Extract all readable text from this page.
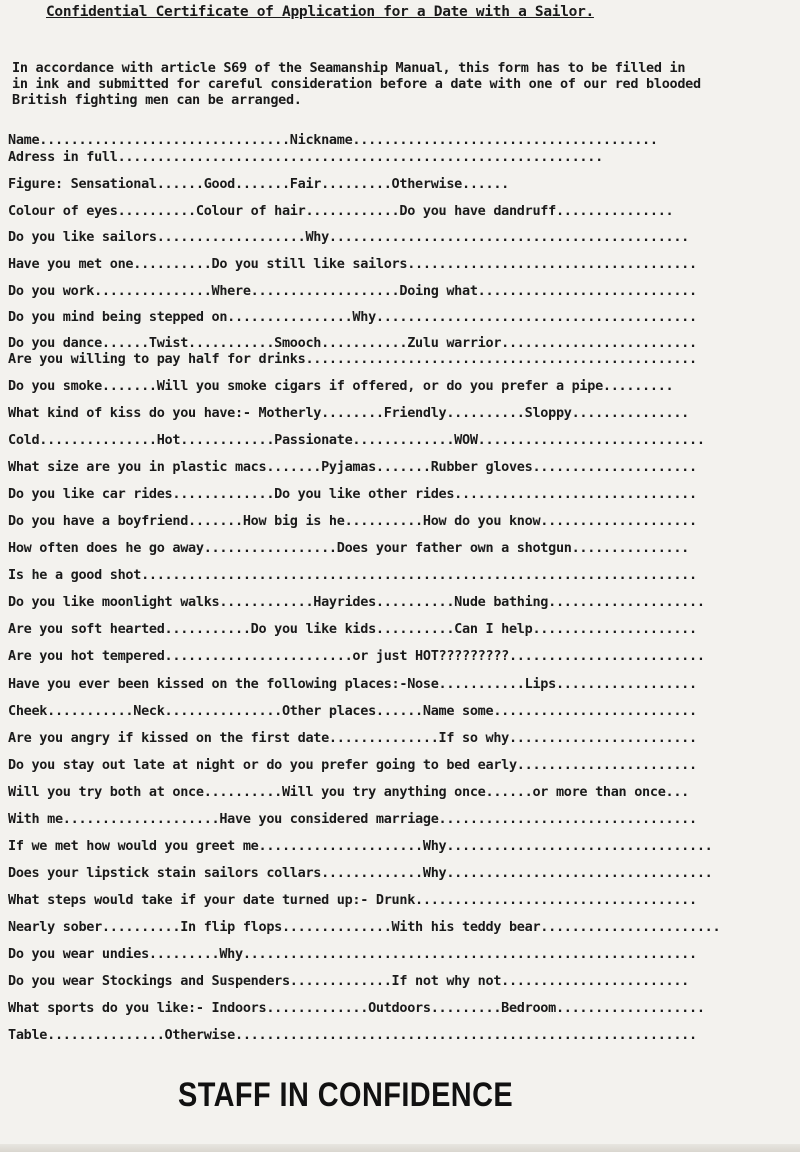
Confidential Certificate of Application for a Date with a Sailor.
In accordance with article S69 of the Seamanship Manual, this form has to be filled in
in ink and submitted for careful consideration before a date with one of our red blooded
British fighting men can be arranged.
Name................................Nickname.......................................
Adress in full..............................................................
Figure: Sensational......Good.......Fair.........Otherwise......
Colour of eyes..........Colour of hair............Do you have dandruff...............
Do you like sailors...................Why..............................................
Have you met one..........Do you still like sailors.....................................
Do you work...............Where...................Doing what............................
Do you mind being stepped on................Why.........................................
Do you dance......Twist...........Smooch...........Zulu warrior.........................
Are you willing to pay half for drinks..................................................
Do you smoke.......Will you smoke cigars if offered, or do you prefer a pipe.........
What kind of kiss do you have:- Motherly........Friendly..........Sloppy...............
Cold...............Hot............Passionate.............WOW.............................
What size are you in plastic macs.......Pyjamas.......Rubber gloves.....................
Do you like car rides.............Do you like other rides...............................
Do you have a boyfriend.......How big is he..........How do you know....................
How often does he go away.................Does your father own a shotgun...............
Is he a good shot.......................................................................
Do you like moonlight walks............Hayrides..........Nude bathing....................
Are you soft hearted...........Do you like kids..........Can I help.....................
Are you hot tempered........................or just HOT?????????.........................
Have you ever been kissed on the following places:-Nose...........Lips..................
Cheek...........Neck...............Other places......Name some..........................
Are you angry if kissed on the first date..............If so why........................
Do you stay out late at night or do you prefer going to bed early.......................
Will you try both at once..........Will you try anything once......or more than once...
With me....................Have you considered marriage.................................
If we met how would you greet me.....................Why..................................
Does your lipstick stain sailors collars.............Why..................................
What steps would take if your date turned up:- Drunk....................................
Nearly sober..........In flip flops..............With his teddy bear.......................
Do you wear undies.........Why..........................................................
Do you wear Stockings and Suspenders.............If not why not........................
What sports do you like:- Indoors.............Outdoors.........Bedroom...................
Table...............Otherwise...........................................................
STAFF IN CONFIDENCE
